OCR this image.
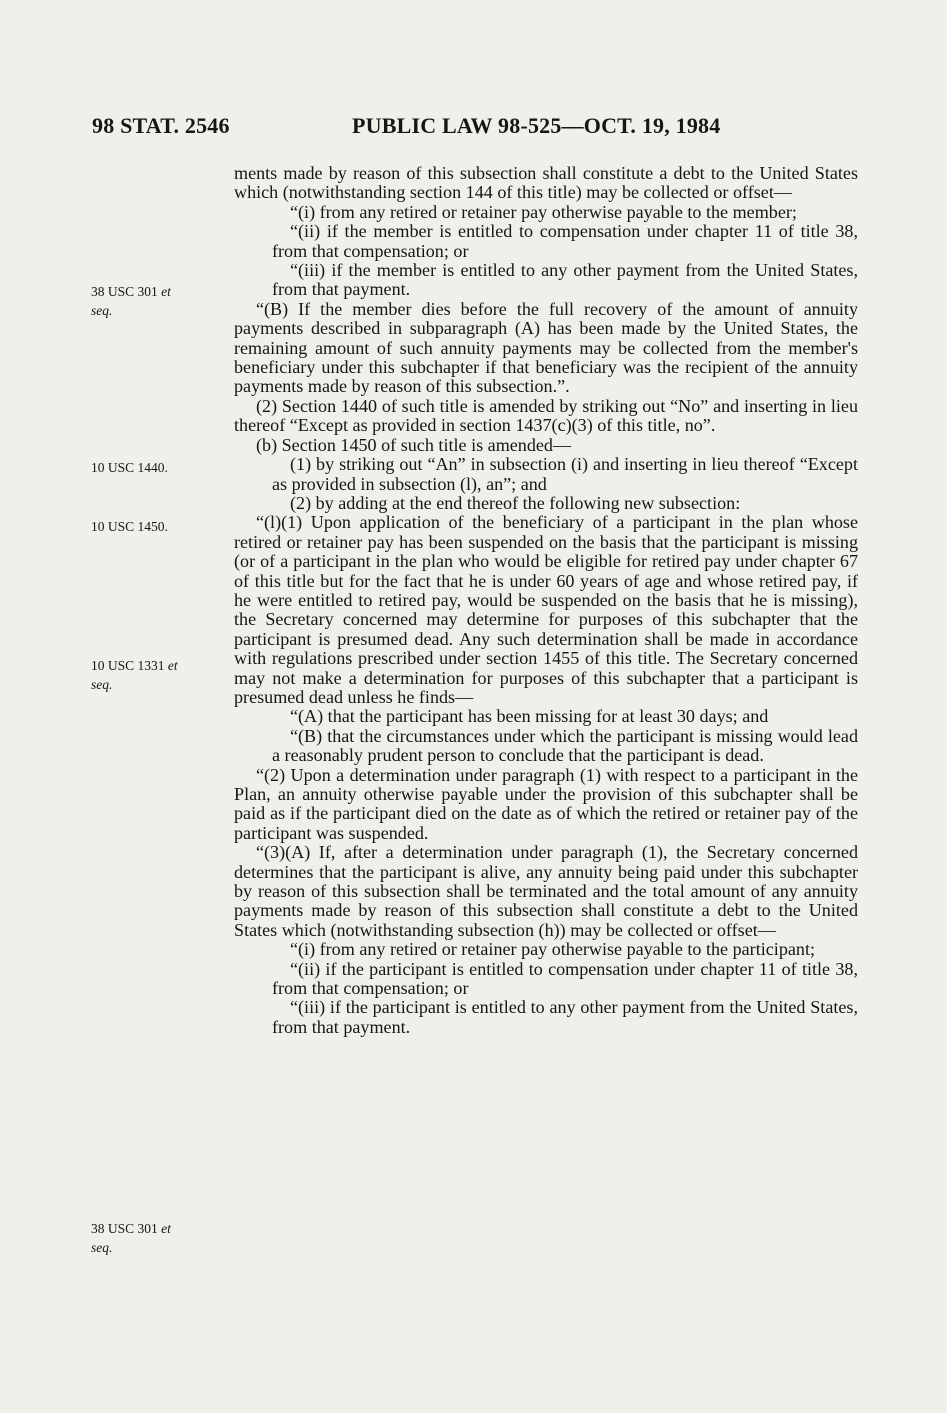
98 STAT. 2546	PUBLIC LAW 98-525—OCT. 19, 1984
38 USC 301 et
seq.
10 USC 1440.
10 USC 1450.
10 USC 1331 et
seq.
38 USC 301 et
seq.

ments made by reason of this subsection shall constitute a debt to the United States which (notwithstanding section 144 of this title) may be collected or offset—

“(i) from any retired or retainer pay otherwise payable to the member;

“(ii) if the member is entitled to compensation under chapter 11 of title 38, from that compensation; or

“(iii) if the member is entitled to any other payment from the United States, from that payment.

“(B) If the member dies before the full recovery of the amount of annuity payments described in subparagraph (A) has been made by the United States, the remaining amount of such annuity payments may be collected from the member's beneficiary under this subchapter if that beneficiary was the recipient of the annuity payments made by reason of this subsection.”.

(2) Section 1440 of such title is amended by striking out “No” and inserting in lieu thereof “Except as provided in section 1437(c)(3) of this title, no”.

(b) Section 1450 of such title is amended—

(1) by striking out “An” in subsection (i) and inserting in lieu thereof “Except as provided in subsection (l), an”; and

(2) by adding at the end thereof the following new subsection:

“(l)(1) Upon application of the beneficiary of a participant in the plan whose retired or retainer pay has been suspended on the basis that the participant is missing (or of a participant in the plan who would be eligible for retired pay under chapter 67 of this title but for the fact that he is under 60 years of age and whose retired pay, if he were entitled to retired pay, would be suspended on the basis that he is missing), the Secretary concerned may determine for purposes of this subchapter that the participant is presumed dead. Any such determination shall be made in accordance with regulations prescribed under section 1455 of this title. The Secretary concerned may not make a determination for purposes of this subchapter that a participant is presumed dead unless he finds—

“(A) that the participant has been missing for at least 30 days; and

“(B) that the circumstances under which the participant is missing would lead a reasonably prudent person to conclude that the participant is dead.

“(2) Upon a determination under paragraph (1) with respect to a participant in the Plan, an annuity otherwise payable under the provision of this subchapter shall be paid as if the participant died on the date as of which the retired or retainer pay of the participant was suspended.

“(3)(A) If, after a determination under paragraph (1), the Secretary concerned determines that the participant is alive, any annuity being paid under this subchapter by reason of this subsection shall be terminated and the total amount of any annuity payments made by reason of this subsection shall constitute a debt to the United States which (notwithstanding subsection (h)) may be collected or offset—

“(i) from any retired or retainer pay otherwise payable to the participant;

“(ii) if the participant is entitled to compensation under chapter 11 of title 38, from that compensation; or

“(iii) if the participant is entitled to any other payment from the United States, from that payment.
